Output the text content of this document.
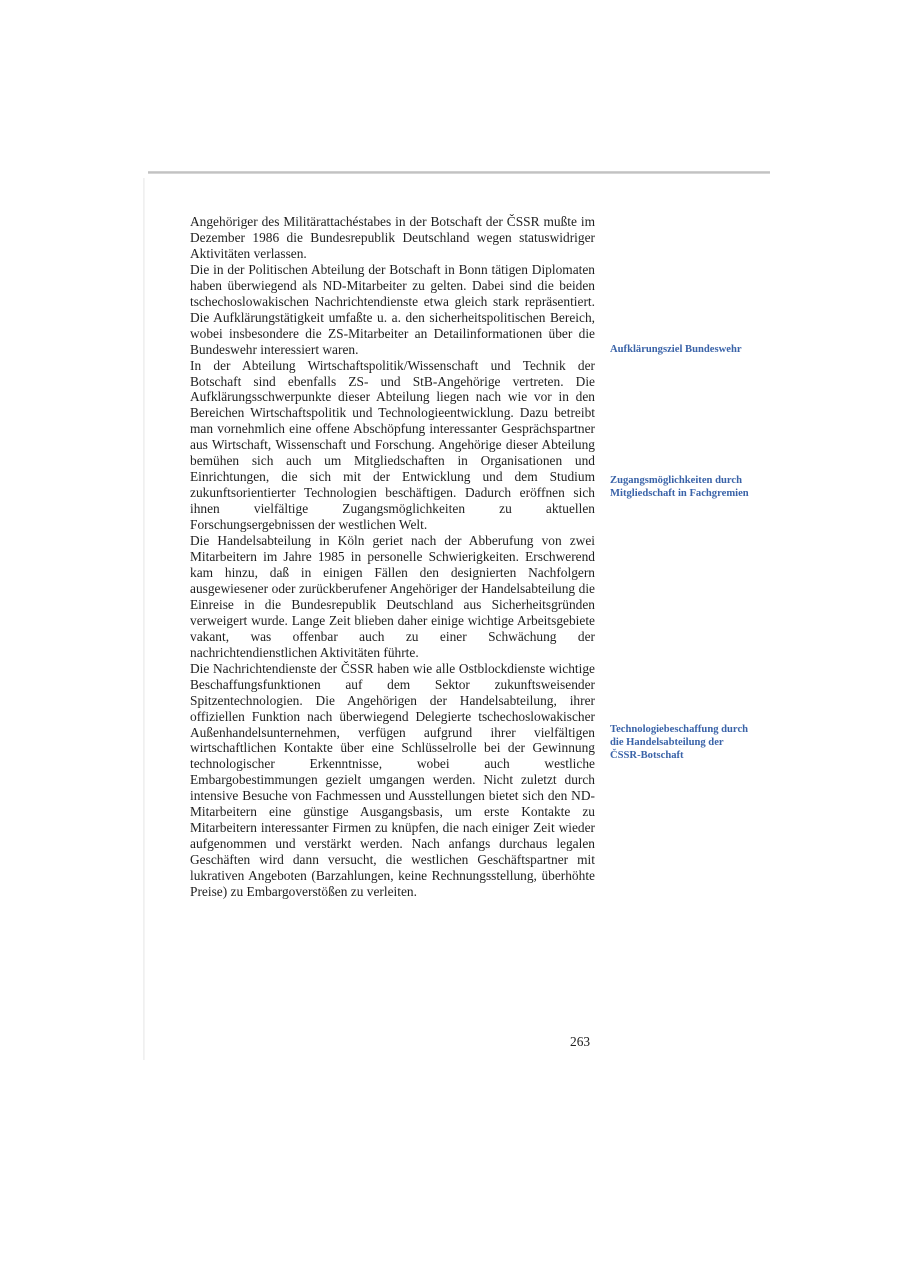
Angehöriger des Militärattachéstabes in der Botschaft der ČSSR mußte im Dezember 1986 die Bundesrepublik Deutschland wegen statuswidriger Aktivitäten verlassen.

Die in der Politischen Abteilung der Botschaft in Bonn tätigen Diplomaten haben überwiegend als ND-Mitarbeiter zu gelten. Dabei sind die beiden tschechoslowakischen Nachrichtendienste etwa gleich stark repräsentiert. Die Aufklärungstätigkeit umfaßte u. a. den sicherheitspolitischen Bereich, wobei insbesondere die ZS-Mitarbeiter an Detailinformationen über die Bundeswehr interessiert waren.

In der Abteilung Wirtschaftspolitik/Wissenschaft und Technik der Botschaft sind ebenfalls ZS- und StB-Angehörige vertreten. Die Aufklärungsschwerpunkte dieser Abteilung liegen nach wie vor in den Bereichen Wirtschaftspolitik und Technologieentwicklung. Dazu betreibt man vornehmlich eine offene Abschöpfung interessanter Gesprächspartner aus Wirtschaft, Wissenschaft und Forschung. Angehörige dieser Abteilung bemühen sich auch um Mitgliedschaften in Organisationen und Einrichtungen, die sich mit der Entwicklung und dem Studium zukunftsorientierter Technologien beschäftigen. Dadurch eröffnen sich ihnen vielfältige Zugangsmöglichkeiten zu aktuellen Forschungsergebnissen der westlichen Welt.

Die Handelsabteilung in Köln geriet nach der Abberufung von zwei Mitarbeitern im Jahre 1985 in personelle Schwierigkeiten. Erschwerend kam hinzu, daß in einigen Fällen den designierten Nachfolgern ausgewiesener oder zurückberufener Angehöriger der Handelsabteilung die Einreise in die Bundesrepublik Deutschland aus Sicherheitsgründen verweigert wurde. Lange Zeit blieben daher einige wichtige Arbeitsgebiete vakant, was offenbar auch zu einer Schwächung der nachrichtendienstlichen Aktivitäten führte.

Die Nachrichtendienste der ČSSR haben wie alle Ostblockdienste wichtige Beschaffungsfunktionen auf dem Sektor zukunftsweisender Spitzentechnologien. Die Angehörigen der Handelsabteilung, ihrer offiziellen Funktion nach überwiegend Delegierte tschechoslowakischer Außenhandelsunternehmen, verfügen aufgrund ihrer vielfältigen wirtschaftlichen Kontakte über eine Schlüsselrolle bei der Gewinnung technologischer Erkenntnisse, wobei auch westliche Embargobestimmungen gezielt umgangen werden. Nicht zuletzt durch intensive Besuche von Fachmessen und Ausstellungen bietet sich den ND-Mitarbeitern eine günstige Ausgangsbasis, um erste Kontakte zu Mitarbeitern interessanter Firmen zu knüpfen, die nach einiger Zeit wieder aufgenommen und verstärkt werden. Nach anfangs durchaus legalen Geschäften wird dann versucht, die westlichen Geschäftspartner mit lukrativen Angeboten (Barzahlungen, keine Rechnungsstellung, überhöhte Preise) zu Embargoverstößen zu verleiten.

Aufklärungsziel Bundeswehr
Zugangsmöglichkeiten durch Mitgliedschaft in Fachgremien
Technologiebeschaffung durch die Handelsabteilung der ČSSR-Botschaft
263
